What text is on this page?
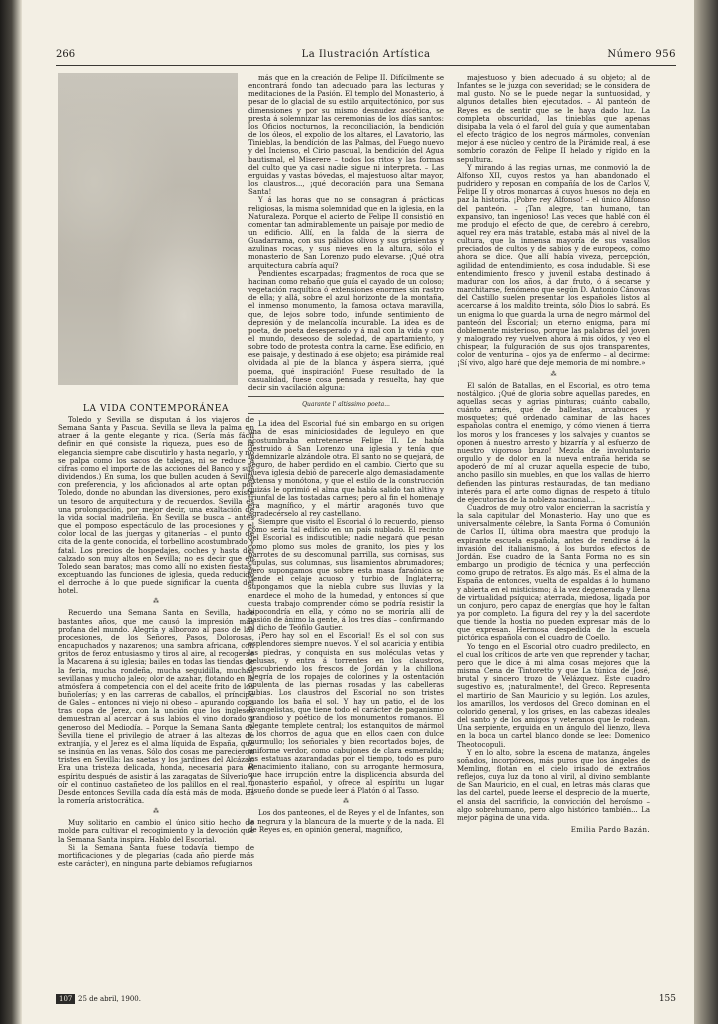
266	La Ilustración Artística	Número 956
LA VIDA CONTEMPORÁNEA

Toledo y Sevilla se disputan á los viajeros de Semana Santa y Pascua. Sevilla se lleva la palma en atraer á la gente elegante y rica. (Sería más fácil definir en qué consiste la riqueza, pues eso de la elegancia siempre cabe discutirlo y hasta negarlo, y no se palpa como los sacos de talegas, ni se reduce á cifras como el importe de las acciones del Banco y sus dividendos.) En suma, los que bullen acuden á Sevilla con preferencia, y los aficionados al arte optan por Toledo, donde no abundan las diversiones, pero existe un tesoro de arquitectura y de recuerdos. Sevilla es una prolongación, por mejor decir, una exaltación de la vida social madrileña. En Sevilla se busca – antes que el pomposo espectáculo de las procesiones y el color local de las juergas y gitanerías – el punto de cita de la gente conocida, el torbellino acostumbrado y fatal. Los precios de hospedajes, coches y hasta del calzado son muy altos en Sevilla; no es decir que en Toledo sean baratos; mas como allí no existen fiestas, exceptuando las funciones de iglesia, queda reducido el derroche á lo que puede significar la cuenta del hotel.

⁂

Recuerdo una Semana Santa en Sevilla, hace bastantes años, que me causó la impresión más profana del mundo. Alegría y alborozo al paso de las procesiones, de los Señores, Pasos, Dolorosas, encapuchados y nazarenos; una sambra africana, con gritos de feroz entusiasmo y tiros al aire, al recogerse la Macarena á su iglesia; bailes en todas las tiendas de la feria, mucha rondeña, mucha seguidilla, muchas sevillanas y mucho jaleo; olor de azahar, flotando en la atmósfera á competencia con el del aceite frito de los buñolerías; y en las carreras de caballos, el príncipe de Gales – entonces ni viejo ni obeso – apurando copa tras copa de Jerez, con la unción que los ingleses demuestran al acercar á sus labios el vino dorado y generoso del Mediodía. – Porque la Semana Santa de Sevilla tiene el privilegio de atraer á las altezas de extranjía, y el Jerez es el alma líquida de España, que se insinúa en las venas. Sólo dos cosas me parecieron tristes en Sevilla: las saetas y los jardines del Alcázar. Era una tristeza delicada, honda, necesaria para el espíritu después de asistir á las zaragatas de Silverio y oír el continuo castañeteo de los palillos en el real. – Desde entonces Sevilla cada día está más de moda. Es la romería aristocrática.

⁂

Muy solitario en cambio el único sitio hecho de molde para cultivar el recogimiento y la devoción que la Semana Santa inspira. Hablo del Escorial.

Si la Semana Santa fuese todavía tiempo de mortificaciones y de plegarias (cada año pierde más este carácter), en ninguna parte debiamos refugiarnos

más que en la creación de Felipe II. Difícilmente se encontrará fondo tan adecuado para las lecturas y meditaciones de la Pasión. El templo del Monasterio, á pesar de lo glacial de su estilo arquitectónico, por sus dimensiones y por su mismo desnudez ascética, se presta á solemnizar las ceremonias de los días santos: los Oficios nocturnos, la reconciliación, la bendición de los óleos, el expolio de los altares, el Lavatorio, las Tinieblas, la bendición de las Palmas, del Fuego nuevo y del Incienso, el Cirio pascual, la bendición del Agua bautismal, el Miserere – todos los ritos y las formas del culto que ya casi nadie sigue ni interpreta. – Las erguidas y vastas bóvedas, el majestuoso altar mayor, los claustros..., ¡qué decoración para una Semana Santa!

Y á las horas que no se consagran á prácticas religiosas, la misma solemnidad que en la iglesia, en la Naturaleza. Porque el acierto de Felipe II consistió en comentar tan admirablemente un paisaje por medio de un edificio. Allí, en la falda de la sierra de Guadarrama, con sus pálidos olivos y sus grisientas y azulinas rocas, y sus nieves en la altura, sólo el monasterio de San Lorenzo pudo elevarse. ¡Qué otra arquitectura cabría aquí?

Pendientes escarpadas; fragmentos de roca que se hacinan como rebaño que guía el cayado de un coloso; vegetación raquítica ó extensiones enormes sin rastro de ella; y allá, sobre el azul horizonte de la montaña, el inmenso monumento, la famosa octava maravilla, que, de lejos sobre todo, infunde sentimiento de depresión y de melancolía incurable. La idea es de poeta, de poeta desesperado y á mal con la vida y con el mundo, deseoso de soledad, de apartamiento, y sobre todo de protesta contra la carne. Ese edificio, en ese paisaje, y destinado á ese objeto; esa pirámide real olvidada al pie de la blanca y áspera sierra, ¡qué poema, qué inspiración! Fuese resultado de la casualidad, fuese cosa pensada y resuelta, hay que decir sin vacilación alguna:

Quarante l' altissimo poeta...

La idea del Escorial fué sin embargo en su origen una de esas miniciosidades de leguleyo en que acostumbraba entretenerse Felipe II. Le había destruido á San Lorenzo una iglesia y tenía que indemnizarle alzándole otra. El santo no se quejará, de seguro, de haber perdido en el cambio. Cierto que su nueva iglesia debió de parecerle algo demasiadamente extensa y monótona, y que el estilo de la construcción quizás le oprimió el alma que había salido tan altiva y triunfal de las tostadas carnes; pero al fin el homenaje era magnífico, y el mártir aragonés tuvo que agradecérselo al rey castellano.

Siempre que visito el Escorial ó lo recuerdo, pienso cómo sería tal edificio en un país nublado. El recinto del Escorial es indiscutible; nadie negará que pesan como plomo sus moles de granito, los pies y los barrotes de su descomunal parrilla, sus cornisas, sus cúpulas, sus columnas, sus lisamientos abrumadores; pero supongamos que sobre esta masa faraónica se tiende el celaje acuoso y turbio de Inglaterra; supongamos que la niebla cubre sus lluvias y la enardece el moho de la humedad, y entonces sí que cuesta trabajo comprender cómo se podría resistir la hipocondría en ella, y cómo no se moriría allí de pasión de ánimo la gente, á los tres días – confirmando el dicho de Teófilo Gautier.

¡Pero hay sol en el Escorial! Es el sol con sus esplendores siempre nuevos. Y el sol acaricia y entibia las piedras, y conquista en sus moléculas vetas y pelusas, y entra á torrentes en los claustros, descubriendo los frescos de Jordán y la chillona alegría de los ropajes de colorines y la ostentación opulenta de las piernas rosadas y las cabelleras rubias. Los claustros del Escorial no son tristes cuando los baña el sol. Y hay un patio, el de los Evangelistas, que tiene todo el carácter de paganismo grandioso y poético de los monumentos romanos. El elegante templete central; los estanquitos de mármol y los chorros de agua que en ellos caen con dulce murmullo; los señoriales y bien recortados bojes, de uniforme verdor, como cabujones de clara esmeralda; las estatuas azarandadas por el tiempo, todo es puro Renacimiento italiano, con su arrogante hermosura, que hace irrupción entre la displicencia absurda del monasterio español, y ofrece al espíritu un lugar risueño donde se puede leer á Platón ó al Tasso.

⁂

Los dos panteones, el de Reyes y el de Infantes, son la negrura y la blancura de la muerte y de la nada. El de Reyes es, en opinión general, magnífico,

majestuoso y bien adecuado á su objeto; al de Infantes se le juzga con severidad; se le considera de mal gusto. No se le puede negar la suntuosidad, y algunos detalles bien ejecutados. – Al panteón de Reyes es de sentir que se le haya dado luz. La completa obscuridad, las tinieblas que apenas disipaba la vela ó el farol del guía y que aumentaban el efecto trágico de los negros mármoles, convenían mejor á ese núcleo y centro de la Pirámide real, á ese sombrío corazón de Felipe II helado y rígido en la sepultura.

Y mirando á las regias urnas, me conmovió la de Alfonso XII, cuyos restos ya han abandonado el pudridero y reposan en compañía de los de Carlos V, Felipe II y otros monarcas á cuyos huesos no deja en paz la historia. ¡Pobre rey Alfonso! – el único Alfonso del panteón. – ¡Tan alegre, tan humano, tan expansivo, tan ingenioso! Las veces que hablé con él me produjo el efecto de que, de cerebro á cerebro, aquel rey era más tratable, estaba más al nivel de la cultura, que la inmensa mayoría de sus vasallos preciados de cultos y de sabios y de europeos, como ahora se dice. Que allí había viveza, percepción, agilidad de entendimiento, es cosa indudable. Si ese entendimiento fresco y juvenil estaba destinado á madurar con los años, á dar fruto, ó á secarse y marchitarse, fenómeno que según D. Antonio Cánovas del Castillo suelen presentar los españoles listos al acercarse á los maldito treinta, sólo Dios lo sabrá. Es un enigma lo que guarda la urna de negro mármol del panteón del Escorial; un eterno enigma, para mí doblemente misterioso, porque las palabras del joven y malogrado rey vuelven ahora á mis oídos, y veo el chispear, la fulguración de sus ojos transparentes, color de venturina – ojos ya de enfermo – al decirme: ¡Sí vivo, algo haré que deje memoria de mi nombre.»

⁂

El salón de Batallas, en el Escorial, es otro tema nostálgico. ¡Qué de gloria sobre aquellas paredes, en aquellas secas y agrias pinturas; cuánto caballo, cuánto arnés, qué de ballestas, arcabuces y mosquetes; qué ordenado caminar de las haces españolas contra el enemigo, y cómo vienen á tierra los moros y los franceses y los salvajes y cuantos se oponen á nuestro arresto y bizarría y al esfuerzo de nuestro vigoroso brazo! Mezcla de involuntario orgullo y de dolor en la nueva entraña herida se apoderó de mí al cruzar aquella especie de tubo, ancho pasillo sin muebles, en que los vallas de hierro defienden las pinturas restauradas, de tan mediano interés para el arte como dignas de respeto á título de ejecutorias de la nobleza nacional...

Cuadros de muy otro valor encierran la sacristía y la sala capitular del Monasterio. Hay uno que es universalmente célebre, la Santa Forma ó Comunión de Carlos II, última obra maestra que produjo la expirante escuela española, antes de rendirse á la invasión del italianismo, á los burdos efectos de Jordán. Ese cuadro de la Santa Forma no es sin embargo un prodigio de técnica y una perfección como grupo de retratos. Es algo más. Es el alma de la España de entonces, vuelta de espaldas á lo humano y abierta en el misticismo; á la vez degenerada y llena de virtualidad psíquica; aterrada, miedosa, ligada por un conjuro, pero capaz de energías que hoy le faltan ya por completo. La figura del rey y la del sacerdote que tiende la hostia no pueden expresar más de lo que expresan. Hermosa despedida de la escuela pictórica española con el cuadro de Coello.

Yo tengo en el Escorial otro cuadro predilecto, en el cual los críticos de arte ven que reprender y tachar, pero que le dice á mi alma cosas mejores que la misma Cena de Tintoretto y que La túnica de José, brutal y sincero trozo de Velázquez. Este cuadro sugestivo es, ¡naturalmente!, del Greco. Representa el martirio de San Mauricio y su legión. Los azules, los amarillos, los verdosos del Greco dominan en el colorido general, y los grises, en las cabezas ideales del santo y de los amigos y veteranos que le rodean. Una serpiente, erguida en un ángulo del lienzo, lleva en la boca un cartel blanco donde se lee: Domenico Theotocopuli.

Y en lo alto, sobre la escena de matanza, ángeles soñados, incorpóreos, más puros que los ángeles de Memling, flotan en el cielo irisado de extraños reflejos, cuya luz da tono al viril, al divino semblante de San Mauricio, en el cual, en letras más claras que las del cartel, puede leerse el desprecio de la muerte, el ansia del sacrificio, la convicción del heroísmo – algo sobrehumano, pero algo histórico también... La mejor página de una vida.

Emilia Pardo Bazán.
107 25 de abril, 1900.	155
